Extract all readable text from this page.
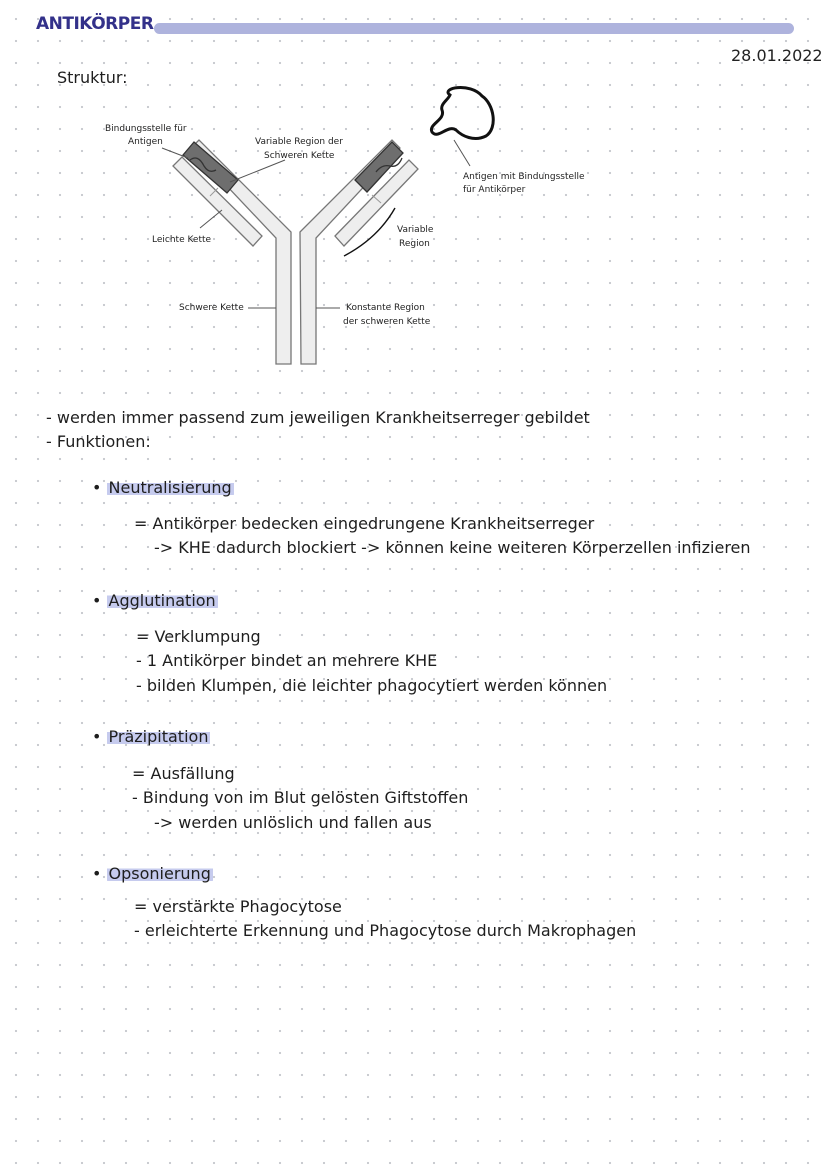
ANTIKÖRPER
28.01.2022
Struktur:
Bindungsstelle für
Antigen	Variable Region der
Schweren Kette
Antigen mit Bindungsstelle
für Antikörper
Leichte Kette
Variable
Region
Schwere Kette	Konstante Region
der schweren Kette
- werden immer passend zum jeweiligen Krankheitserreger gebildet
- Funktionen:
• Neutralisierung
= Antikörper bedecken eingedrungene Krankheitserreger
-> KHE dadurch blockiert -> können keine weiteren Körperzellen infizieren
• Agglutination
= Verklumpung
- 1 Antikörper bindet an mehrere KHE
- bilden Klumpen, die leichter phagocytiert werden können
• Präzipitation
= Ausfällung
- Bindung von im Blut gelösten Giftstoffen
-> werden unlöslich und fallen aus
• Opsonierung
= verstärkte Phagocytose
- erleichterte Erkennung und Phagocytose durch Makrophagen
